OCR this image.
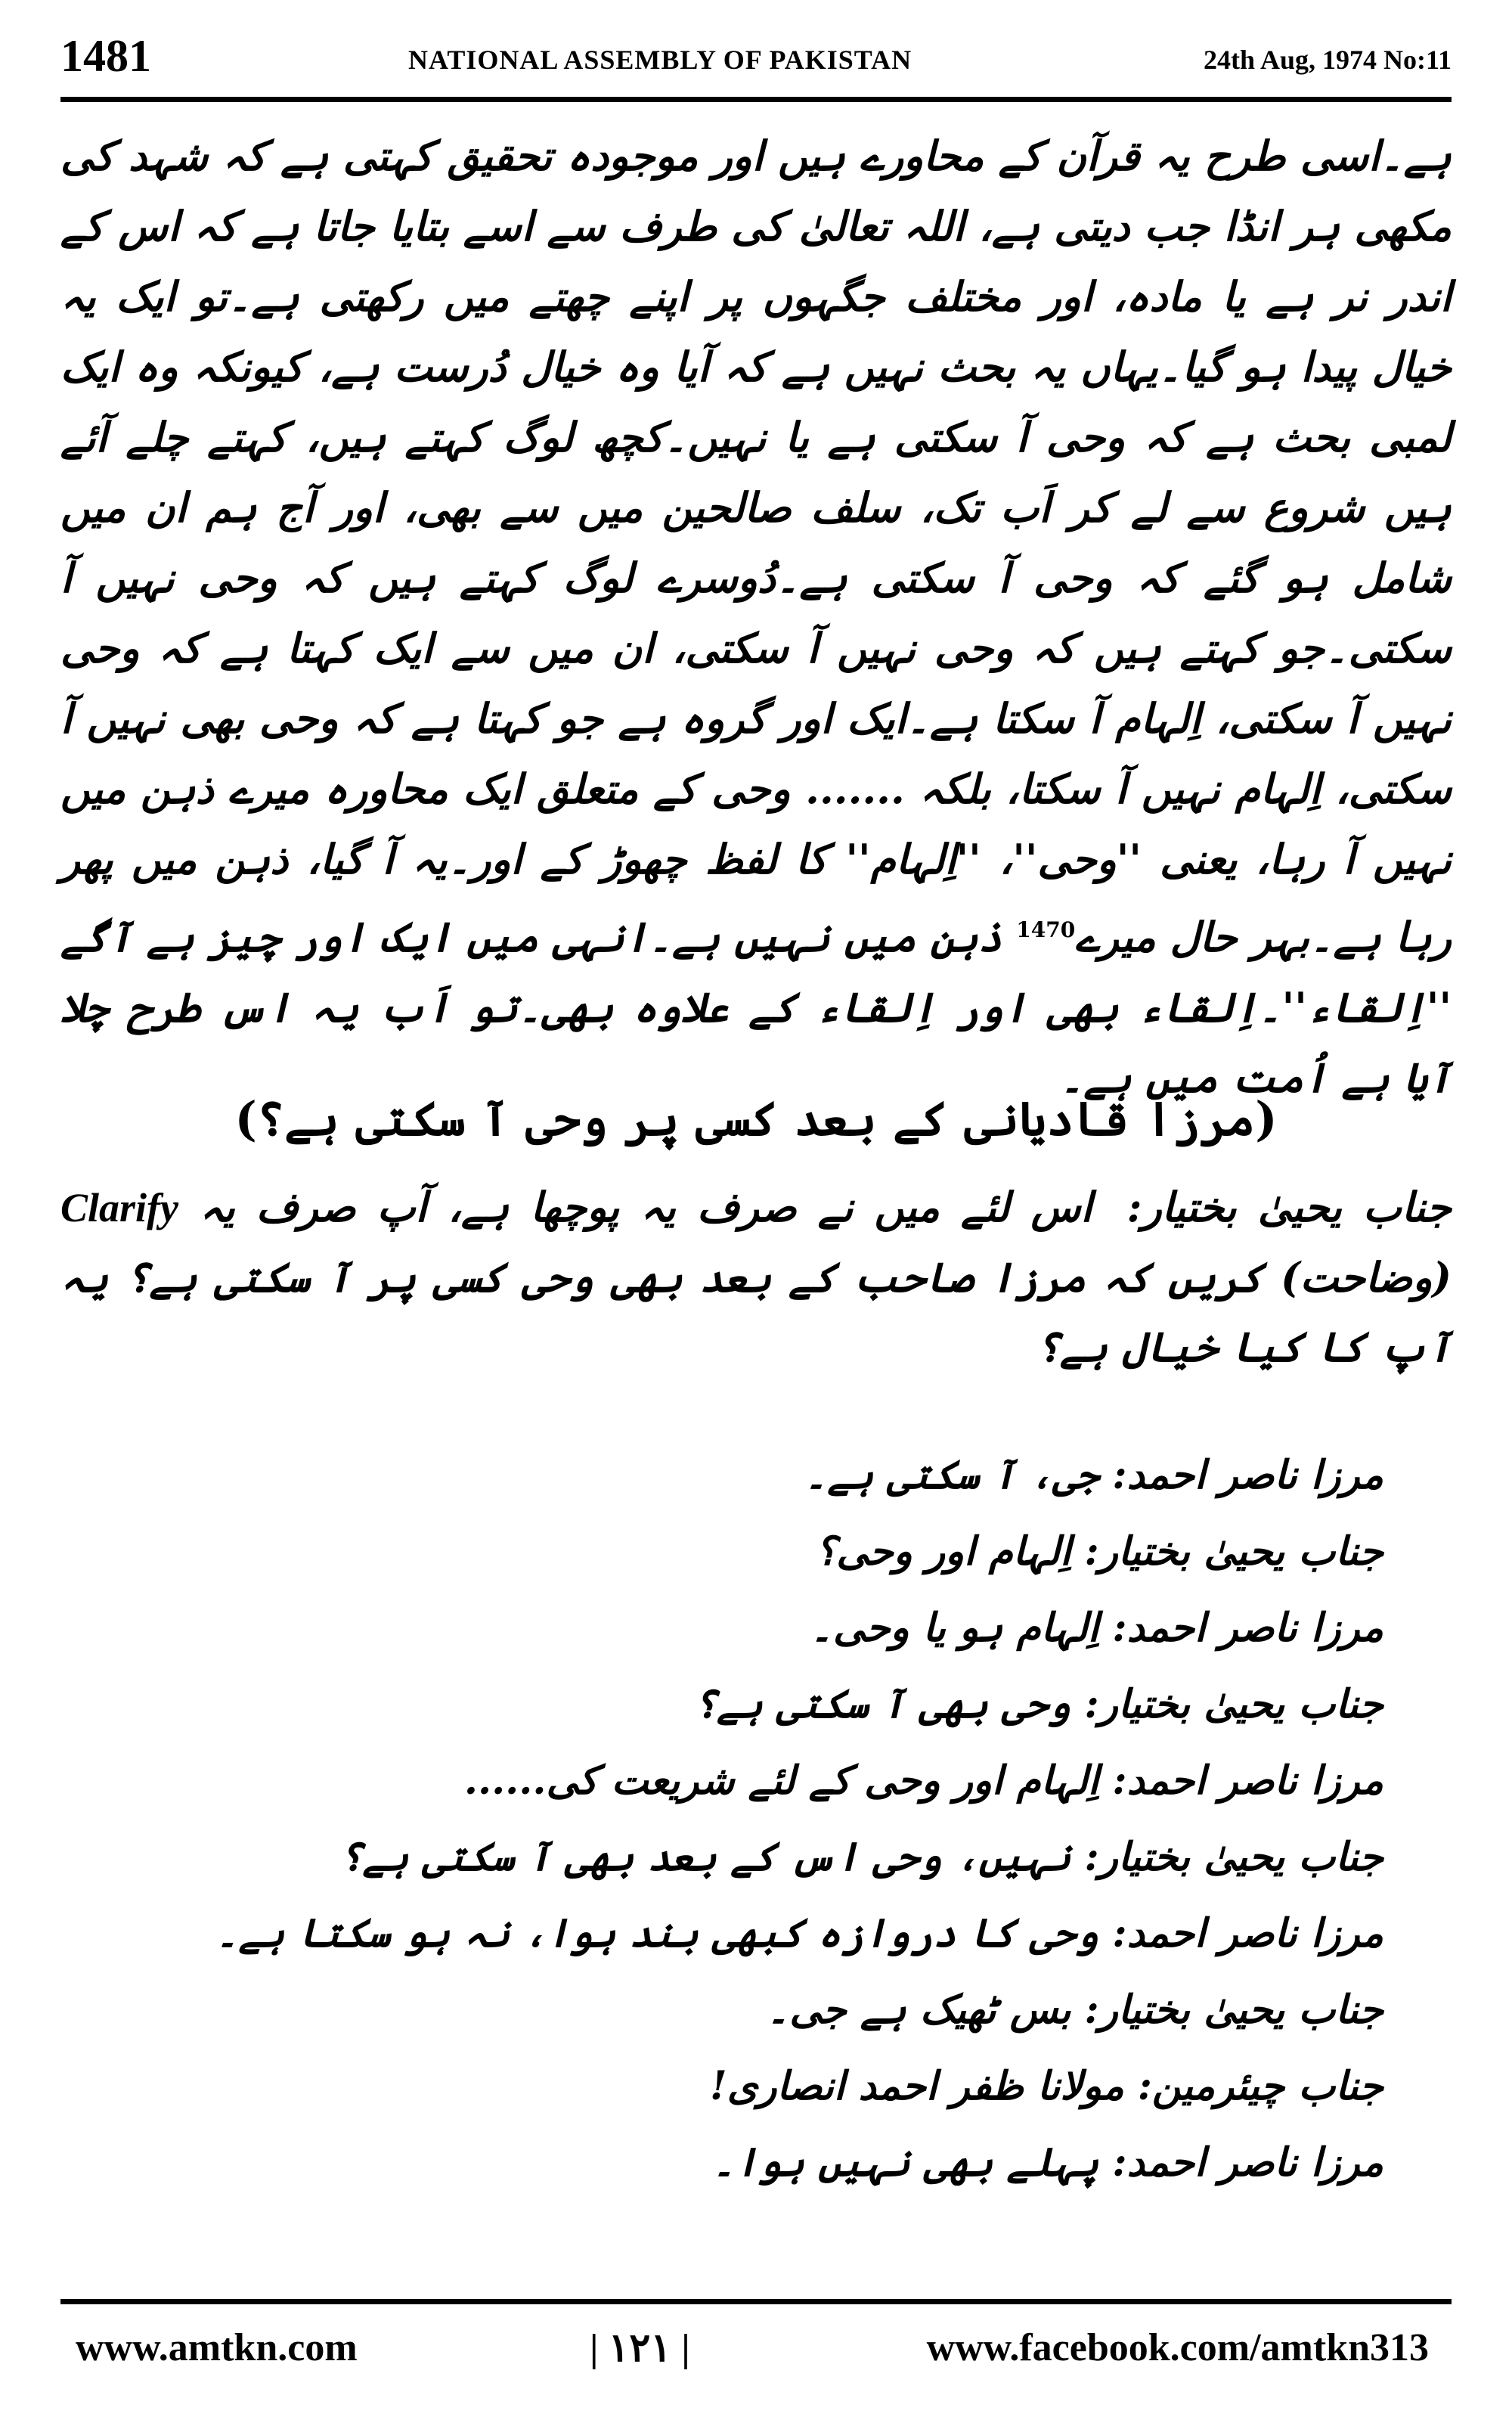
1481	NATIONAL ASSEMBLY OF PAKISTAN	24th Aug, 1974 No:11
ہے۔اسی طرح یہ قرآن کے محاورے ہیں اور موجودہ تحقیق کہتی ہے کہ شہد کی مکھی ہر انڈا جب دیتی ہے، اللہ تعالیٰ کی طرف سے اسے بتایا جاتا ہے کہ اس کے اندر نر ہے یا مادہ، اور مختلف جگہوں پر اپنے چھتے میں رکھتی ہے۔تو ایک یہ خیال پیدا ہو گیا۔یہاں یہ بحث نہیں ہے کہ آیا وہ خیال دُرست ہے، کیونکہ وہ ایک لمبی بحث ہے کہ وحی آ سکتی ہے یا نہیں۔کچھ لوگ کہتے ہیں، کہتے چلے آئے ہیں شروع سے لے کر اَب تک، سلف صالحین میں سے بھی، اور آج ہم ان میں شامل ہو گئے کہ وحی آ سکتی ہے۔دُوسرے لوگ کہتے ہیں کہ وحی نہیں آ سکتی۔جو کہتے ہیں کہ وحی نہیں آ سکتی، ان میں سے ایک کہتا ہے کہ وحی نہیں آ سکتی، اِلہام آ سکتا ہے۔ایک اور گروہ ہے جو کہتا ہے کہ وحی بھی نہیں آ سکتی، اِلہام نہیں آ سکتا، بلکہ ....... وحی کے متعلق ایک محاورہ میرے ذہن میں نہیں آ رہا، یعنی ''وحی''، ''اِلہام'' کا لفظ چھوڑ کے اور۔یہ آ گیا، ذہن میں پھر رہا ہے۔بہر حال میرے$^{1470}$ ذہن میں نہیں ہے۔انہی میں ایک اور چیز ہے آگے ''اِلقاء''۔اِلقاء بھی اور اِلقاء کے علاوہ بھی۔تو اَب یہ اس طرح چلا آیا ہے اُمت میں ہے۔
(مرزا قادیانی کے بعد کسی پر وحی آ سکتی ہے؟)
جناب یحییٰ بختیار: اس لئے میں نے صرف یہ پوچھا ہے، آپ صرف یہ Clarify (وضاحت) کریں کہ مرزا صاحب کے بعد بھی وحی کسی پر آ سکتی ہے؟ یہ آپ کا کیا خیال ہے؟
مرزا ناصر احمد:جی، آ سکتی ہے۔
جناب یحییٰ بختیار:اِلہام اور وحی؟
مرزا ناصر احمد:اِلہام ہو یا وحی۔
جناب یحییٰ بختیار:وحی بھی آ سکتی ہے؟
مرزا ناصر احمد:اِلہام اور وحی کے لئے شریعت کی......
جناب یحییٰ بختیار:نہیں، وحی اس کے بعد بھی آ سکتی ہے؟
مرزا ناصر احمد:وحی کا دروازہ کبھی بند ہوا، نہ ہو سکتا ہے۔
جناب یحییٰ بختیار:بس ٹھیک ہے جی۔
جناب چیئرمین:مولانا ظفر احمد انصاری!
مرزا ناصر احمد:پہلے بھی نہیں ہوا۔
www.amtkn.com	| ۱۲۱ |	www.facebook.com/amtkn313
